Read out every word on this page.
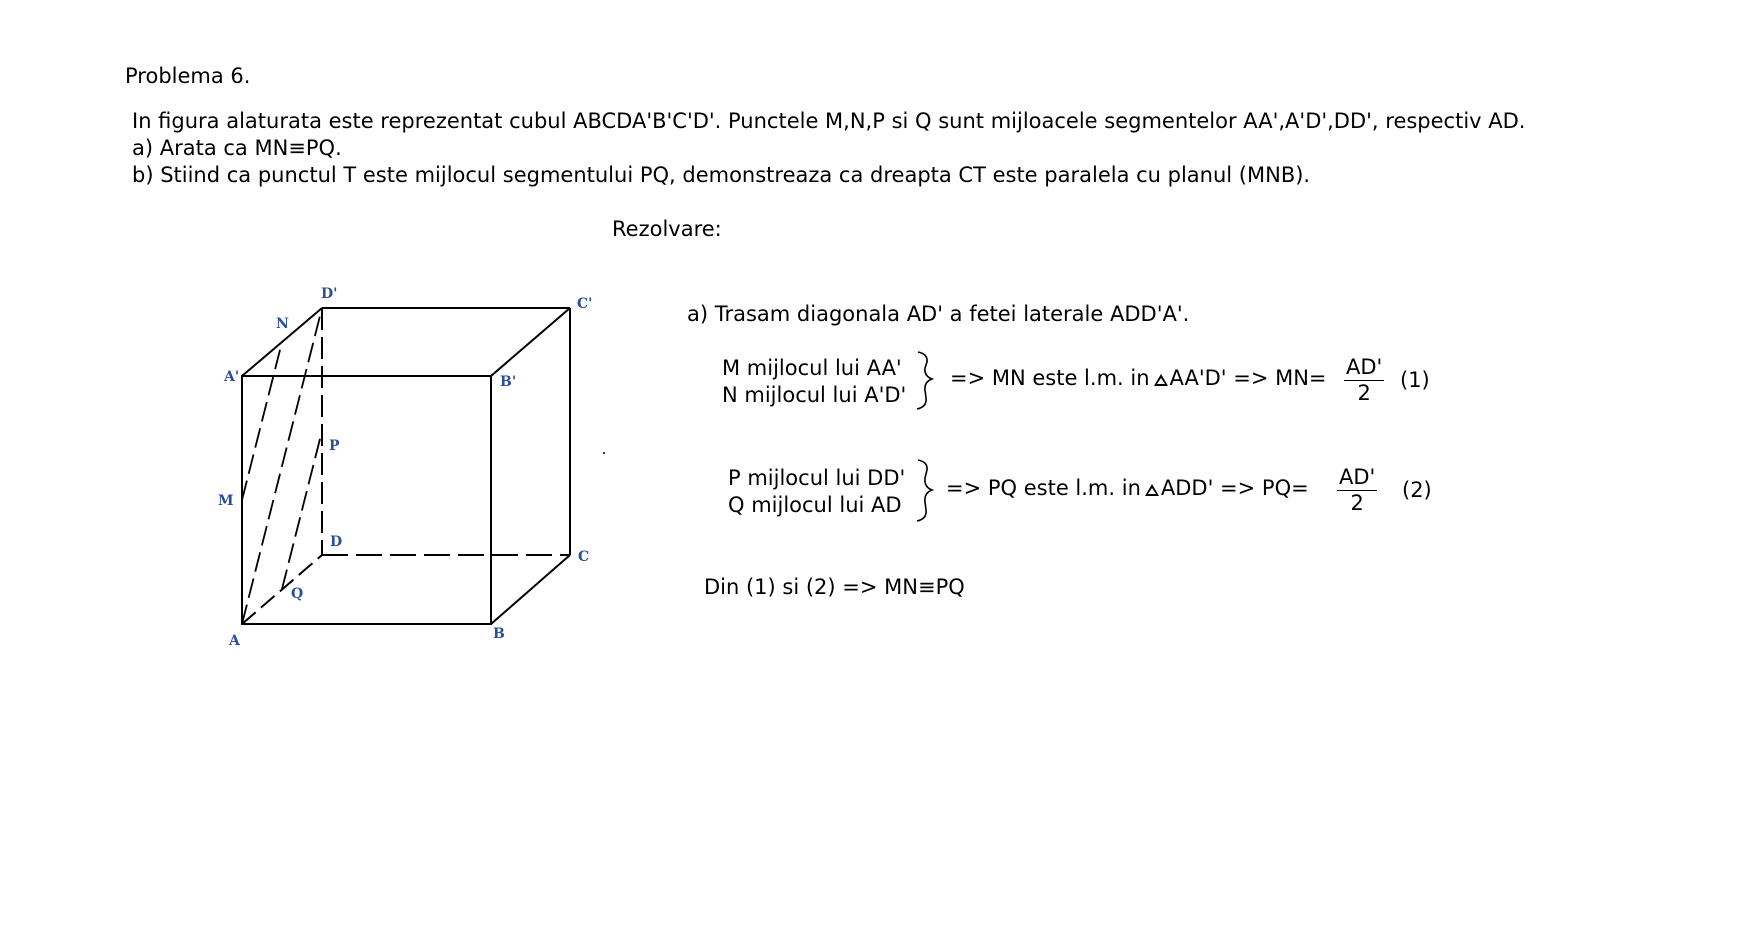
Problema 6.
In figura alaturata este reprezentat cubul ABCDA'B'C'D'. Punctele M,N,P si Q sunt mijloacele segmentelor AA',A'D',DD', respectiv AD.
a) Arata ca MN≡PQ.
b) Stiind ca punctul T este mijlocul segmentului PQ, demonstreaza ca dreapta CT este paralela cu planul (MNB).
Rezolvare:
D'
N
C'
A'	B'
P
M
D
C
Q
A	B
a) Trasam diagonala AD' a fetei laterale ADD'A'.
M mijlocul lui AA'
N mijlocul lui A'D'
=> MN este l.m. in $AA'D' => MN= \frac{AD'}{2} (1)$
P mijlocul lui DD'
Q mijlocul lui AD
=> PQ este l.m. in $ADD' => PQ= \frac{AD'}{2} (2)$
Din (1) si (2) => MN≡PQ
